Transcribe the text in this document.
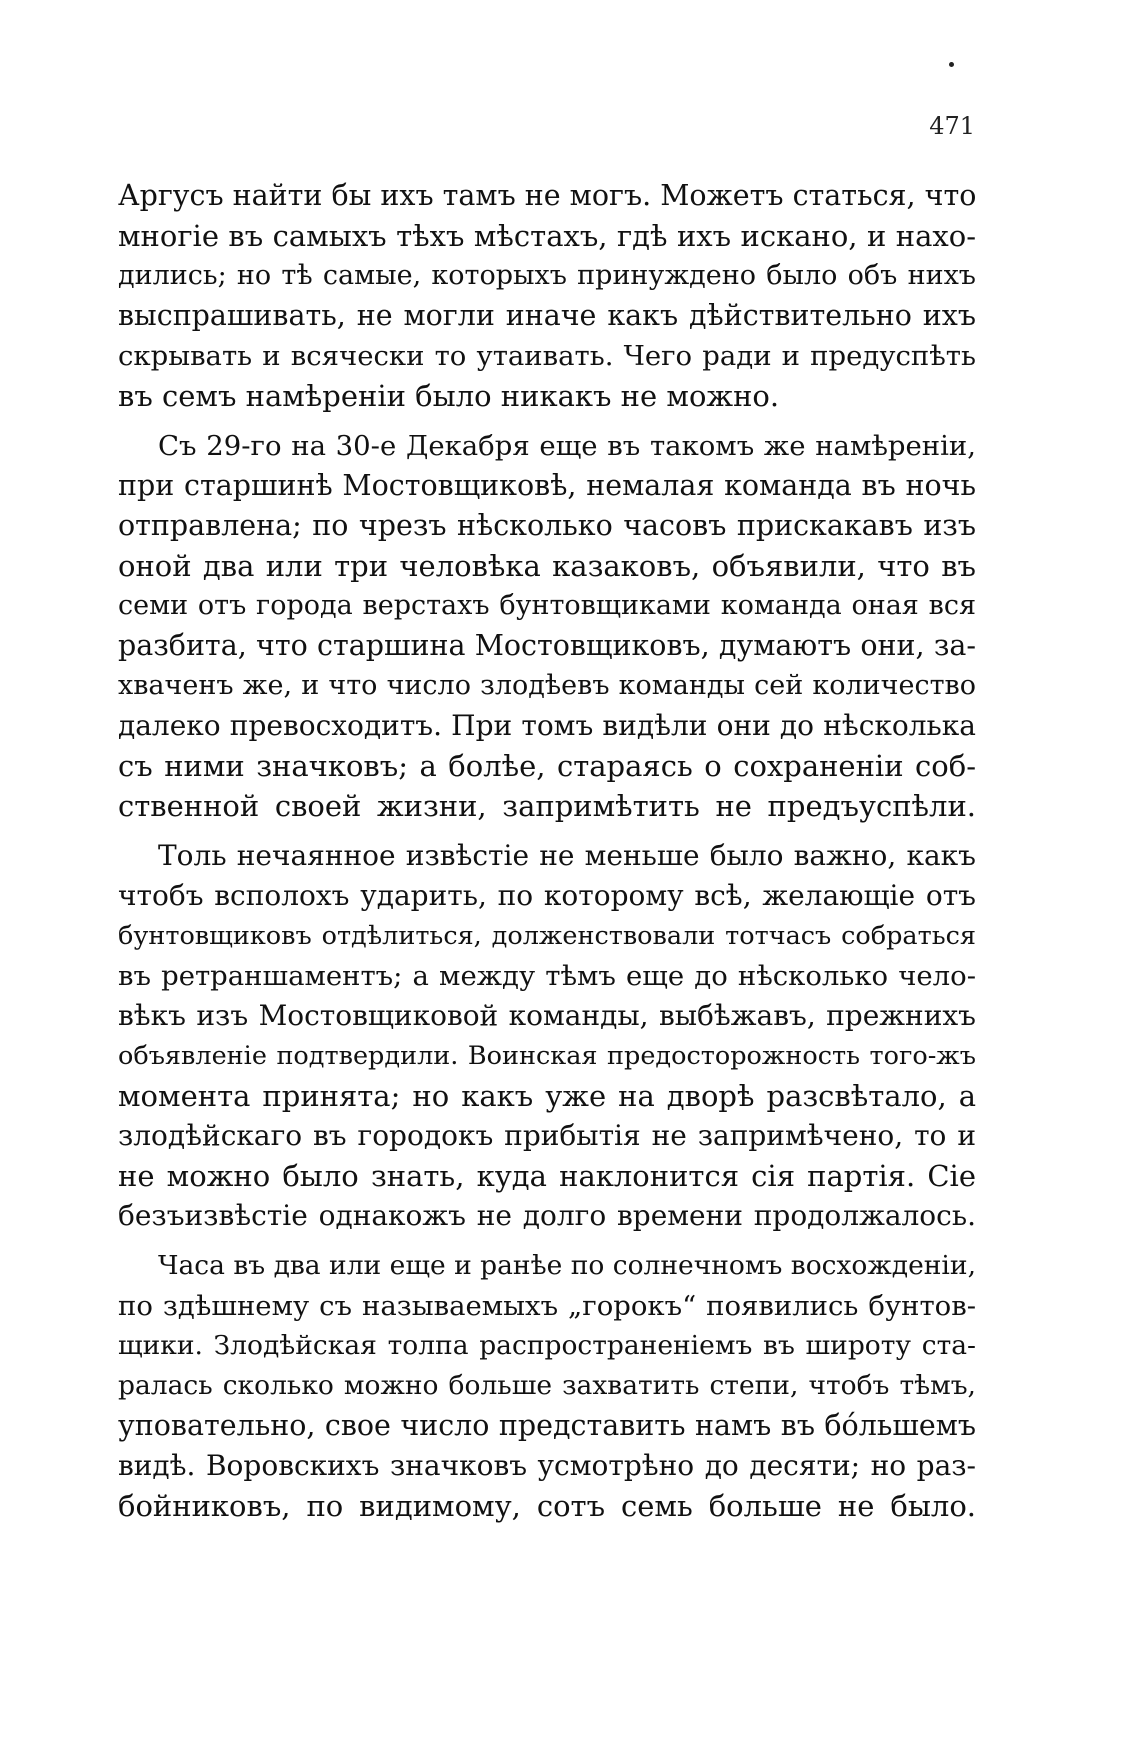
471
Аргусъ найти бы ихъ тамъ не могъ. Можетъ статься, что
многіе въ самыхъ тѣхъ мѣстахъ, гдѣ ихъ искано, и нахо-
дились; но тѣ самые, которыхъ принуждено было объ нихъ
выспрашивать, не могли иначе какъ дѣйствительно ихъ
скрывать и всячески то утаивать. Чего ради и предуспѣть
въ семъ намѣреніи было никакъ не можно.
Съ 29-го на 30-е Декабря еще въ такомъ же намѣреніи,
при старшинѣ Мостовщиковѣ, немалая команда въ ночь
отправлена; по чрезъ нѣсколько часовъ прискакавъ изъ
оной два или три человѣка казаковъ, объявили, что въ
семи отъ города верстахъ бунтовщиками команда оная вся
разбита, что старшина Мостовщиковъ, думаютъ они, за-
хваченъ же, и что число злодѣевъ команды сей количество
далеко превосходитъ. При томъ видѣли они до нѣсколька
съ ними значковъ; а болѣе, стараясь о сохраненіи соб-
ственной своей жизни, запримѣтить не предъуспѣли.
Толь нечаянное извѣстіе не меньше было важно, какъ
чтобъ всполохъ ударить, по которому всѣ, желающіе отъ
бунтовщиковъ отдѣлиться, долженствовали тотчасъ собраться
въ ретраншаментъ; а между тѣмъ еще до нѣсколько чело-
вѣкъ изъ Мостовщиковой команды, выбѣжавъ, прежнихъ
объявленіе подтвердили. Воинская предосторожность того-жъ
момента принята; но какъ уже на дворѣ разсвѣтало, а
злодѣйскаго въ городокъ прибытія не запримѣчено, то и
не можно было знать, куда наклонится сія партія. Сіе
безъизвѣстіе однакожъ не долго времени продолжалось.
Часа въ два или еще и ранѣе по солнечномъ восхожденіи,
по здѣшнему съ называемыхъ „горокъ“ появились бунтов-
щики. Злодѣйская толпа распространеніемъ въ широту ста-
ралась сколько можно больше захватить степи, чтобъ тѣмъ,
уповательно, свое число представить намъ въ бóльшемъ
видѣ. Воровскихъ значковъ усмотрѣно до десяти; но раз-
бойниковъ, по видимому, сотъ семь больше не было.
